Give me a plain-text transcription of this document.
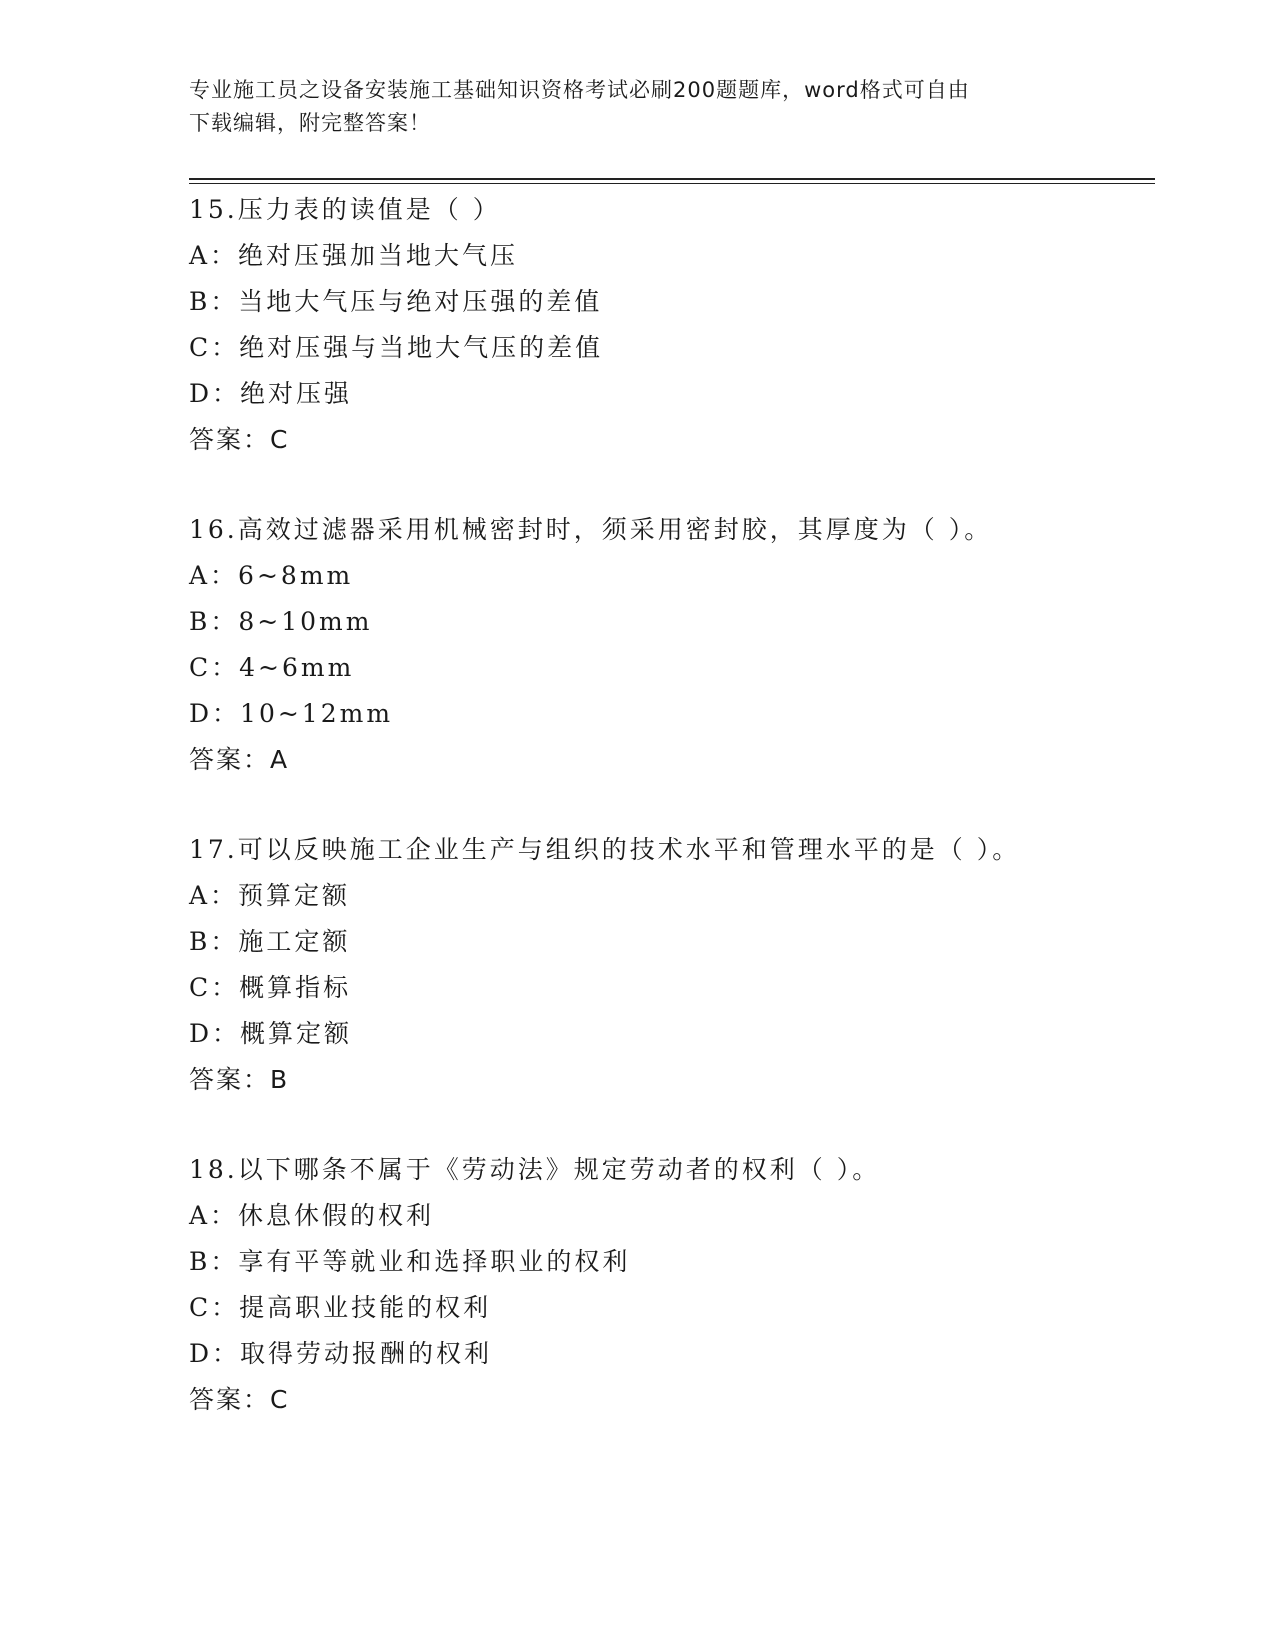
专业施工员之设备安装施工基础知识资格考试必刷200题题库，word格式可自由
下载编辑，附完整答案！
15.压力表的读值是（ ）
A：绝对压强加当地大气压
B：当地大气压与绝对压强的差值
C：绝对压强与当地大气压的差值
D：绝对压强
答案：C
16.高效过滤器采用机械密封时，须采用密封胶，其厚度为（ ）。
A：6~8mm
B：8~10mm
C：4~6mm
D：10~12mm
答案：A
17.可以反映施工企业生产与组织的技术水平和管理水平的是（ ）。
A：预算定额
B：施工定额
C：概算指标
D：概算定额
答案：B
18.以下哪条不属于《劳动法》规定劳动者的权利（ ）。
A：休息休假的权利
B：享有平等就业和选择职业的权利
C：提高职业技能的权利
D：取得劳动报酬的权利
答案：C
